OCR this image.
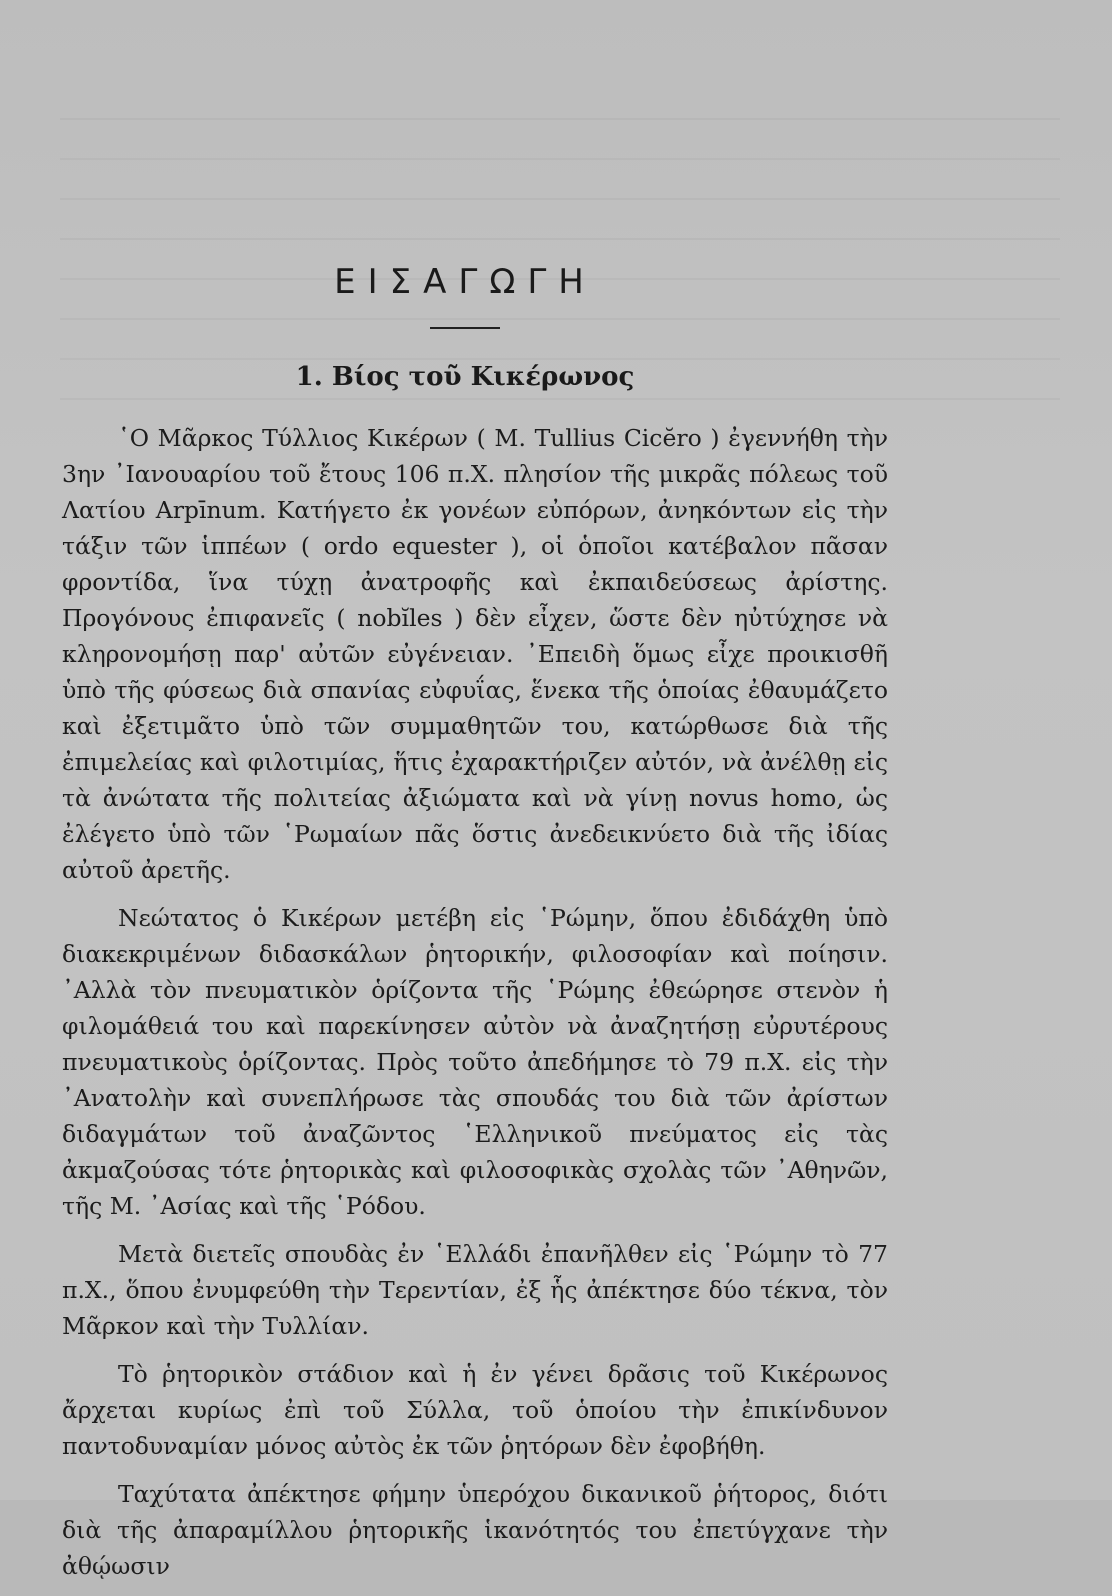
ΕΙΣΑΓΩΓΗ
1. Βίος τοῦ Κικέρωνος

῾Ο Μᾶρκος Τύλλιος Κικέρων ( M. Tullius Cicĕro ) ἐγεννήθη τὴν 3ην ᾿Ιανουαρίου τοῦ ἔτους 106 π.Χ. πλησίον τῆς μικρᾶς πόλεως τοῦ Λατίου Arpīnum. Κατήγετο ἐκ γονέων εὐπόρων, ἀνηκόντων εἰς τὴν τάξιν τῶν ἱππέων ( ordo equester ), οἱ ὁποῖοι κατέβαλον πᾶσαν φροντίδα, ἵνα τύχῃ ἀνατροφῆς καὶ ἐκπαιδεύσεως ἀρίστης. Προγόνους ἐπιφανεῖς ( nobĭles ) δὲν εἶχεν, ὥστε δὲν ηὐτύχησε νὰ κληρονομήσῃ παρ' αὐτῶν εὐγένειαν. ᾿Επειδὴ ὅμως εἶχε προικισθῆ ὑπὸ τῆς φύσεως διὰ σπανίας εὐφυΐας, ἕνεκα τῆς ὁποίας ἐθαυμάζετο καὶ ἐξετιμᾶτο ὑπὸ τῶν συμμαθητῶν του, κατώρθωσε διὰ τῆς ἐπιμελείας καὶ φιλοτιμίας, ἥτις ἐχαρακτήριζεν αὐτόν, νὰ ἀνέλθῃ εἰς τὰ ἀνώτατα τῆς πολιτείας ἀξιώματα καὶ νὰ γίνῃ novus homo, ὡς ἐλέγετο ὑπὸ τῶν ῾Ρωμαίων πᾶς ὅστις ἀνεδεικνύετο διὰ τῆς ἰδίας αὐτοῦ ἀρετῆς.

Νεώτατος ὁ Κικέρων μετέβη εἰς ῾Ρώμην, ὅπου ἐδιδάχθη ὑπὸ διακεκριμένων διδασκάλων ῥητορικήν, φιλοσοφίαν καὶ ποίησιν. ᾿Αλλὰ τὸν πνευματικὸν ὁρίζοντα τῆς ῾Ρώμης ἐθεώρησε στενὸν ἡ φιλομάθειά του καὶ παρεκίνησεν αὐτὸν νὰ ἀναζητήσῃ εὐρυτέρους πνευματικοὺς ὁρίζοντας. Πρὸς τοῦτο ἀπεδήμησε τὸ 79 π.Χ. εἰς τὴν ᾿Ανατολὴν καὶ συνεπλήρωσε τὰς σπουδάς του διὰ τῶν ἀρίστων διδαγμάτων τοῦ ἀναζῶντος ῾Ελληνικοῦ πνεύματος εἰς τὰς ἀκμαζούσας τότε ῥητορικὰς καὶ φιλοσοφικὰς σχολὰς τῶν ᾿Αθηνῶν, τῆς Μ. ᾿Ασίας καὶ τῆς ῾Ρόδου.

Μετὰ διετεῖς σπουδὰς ἐν ῾Ελλάδι ἐπανῆλθεν εἰς ῾Ρώμην τὸ 77 π.Χ., ὅπου ἐνυμφεύθη τὴν Τερεντίαν, ἐξ ἧς ἀπέκτησε δύο τέκνα, τὸν Μᾶρκον καὶ τὴν Τυλλίαν.

Τὸ ῥητορικὸν στάδιον καὶ ἡ ἐν γένει δρᾶσις τοῦ Κικέρωνος ἄρχεται κυρίως ἐπὶ τοῦ Σύλλα, τοῦ ὁποίου τὴν ἐπικίνδυνον παντοδυναμίαν μόνος αὐτὸς ἐκ τῶν ῥητόρων δὲν ἐφοβήθη.

Ταχύτατα ἀπέκτησε φήμην ὑπερόχου δικανικοῦ ῥήτορος, διότι διὰ τῆς ἀπαραμίλλου ῥητορικῆς ἱκανότητός του ἐπετύγχανε τὴν ἀθῴωσιν
